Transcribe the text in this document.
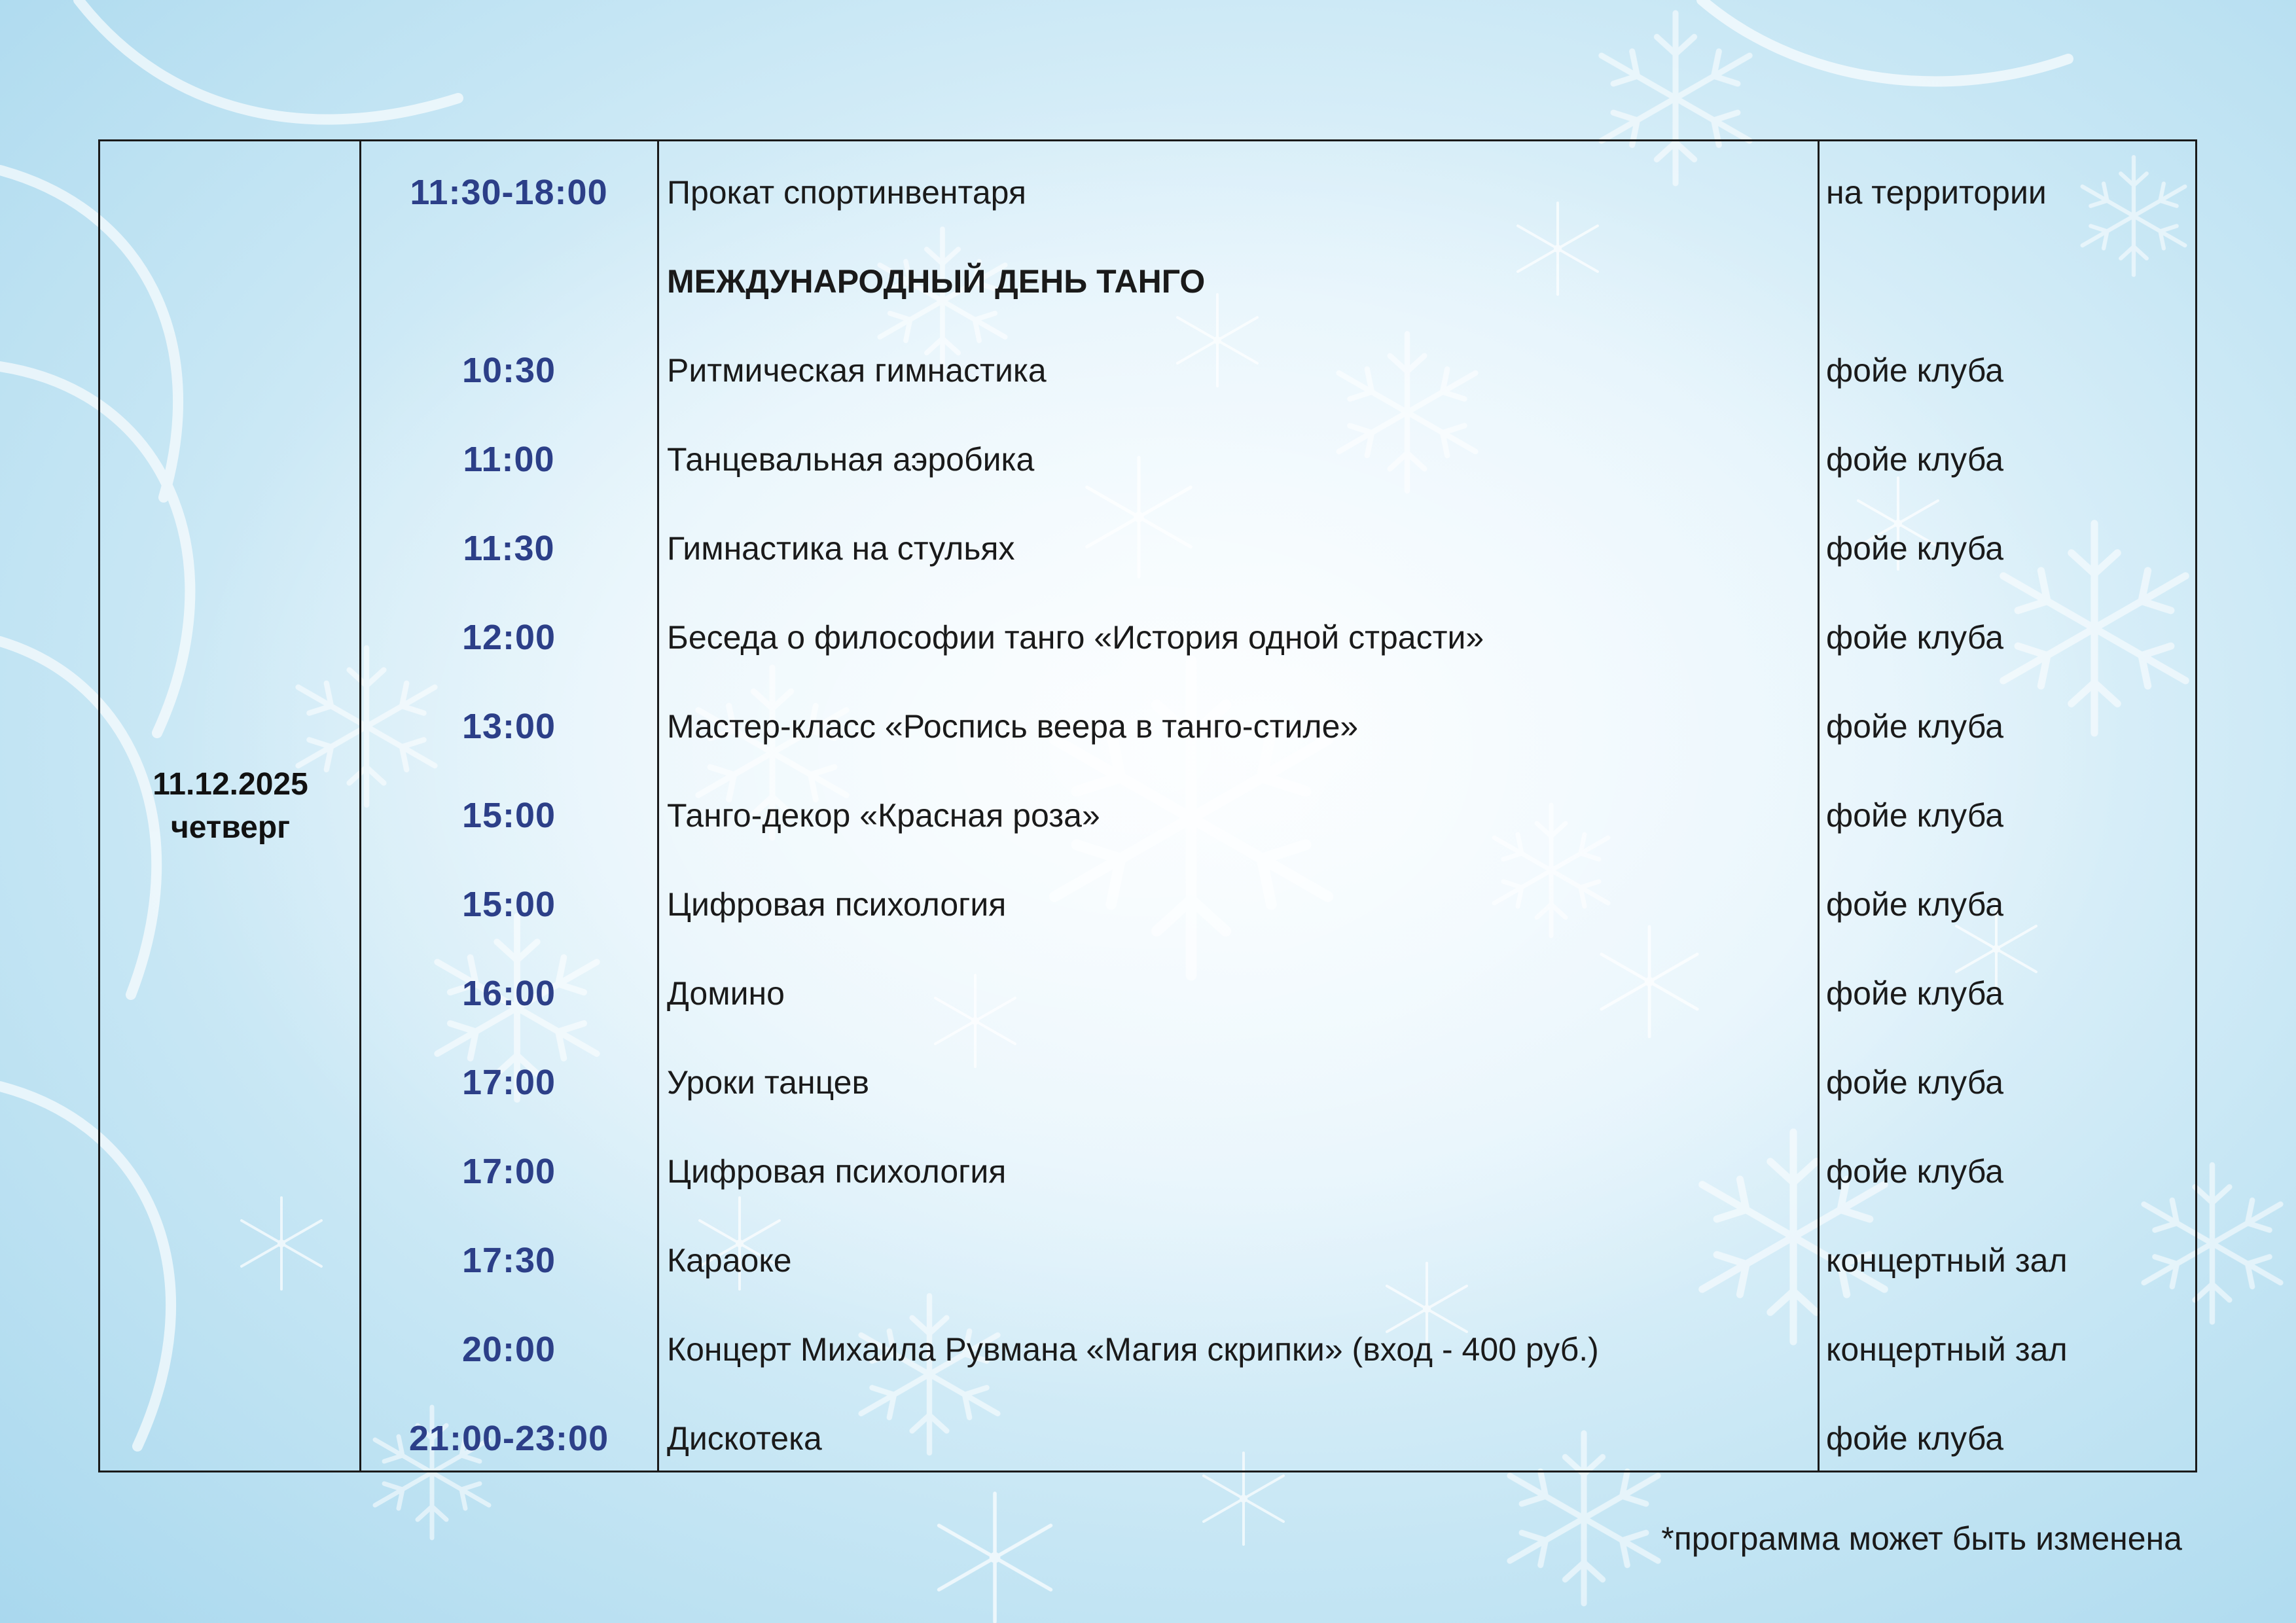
11.12.2025
четверг
11:30-18:00	Прокат спортинвентаря	на территории
МЕЖДУНАРОДНЫЙ ДЕНЬ ТАНГО
10:30	Ритмическая гимнастика	фойе клуба
11:00	Танцевальная аэробика	фойе клуба
11:30	Гимнастика на стульях	фойе клуба
12:00	Беседа о философии танго «История одной страсти»	фойе клуба
13:00	Мастер-класс «Роспись веера в танго-стиле»	фойе клуба
15:00	Танго-декор «Красная роза»	фойе клуба
15:00	Цифровая психология	фойе клуба
16:00	Домино	фойе клуба
17:00	Уроки танцев	фойе клуба
17:00	Цифровая психология	фойе клуба
17:30	Караоке	концертный зал
20:00	Концерт Михаила Рувмана «Магия скрипки» (вход - 400 руб.)	концертный зал
21:00-23:00	Дискотека	фойе клуба
*программа может быть изменена
